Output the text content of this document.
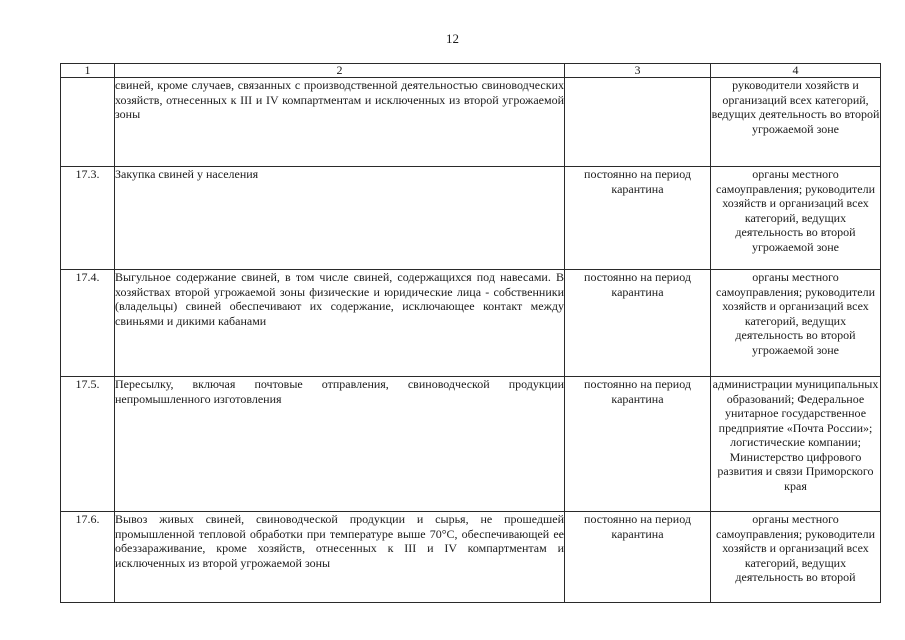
12
1	2	3	4
	свиней, кроме случаев, связанных с производственной деятельностью свиноводческих хозяйств, отнесенных к III и IV компартментам и исключенных из второй угрожаемой зоны		руководители хозяйств и организаций всех категорий, ведущих деятельность во второй угрожаемой зоне
17.3.	Закупка свиней у населения	постоянно на период карантина	органы местного самоуправления; руководители хозяйств и организаций всех категорий, ведущих деятельность во второй угрожаемой зоне
17.4.	Выгульное содержание свиней, в том числе свиней, содержащихся под навесами. В хозяйствах второй угрожаемой зоны физические и юридические лица - собственники (владельцы) свиней обеспечивают их содержание, исключающее контакт между свиньями и дикими кабанами	постоянно на период карантина	органы местного самоуправления; руководители хозяйств и организаций всех категорий, ведущих деятельность во второй угрожаемой зоне
17.5.	Пересылку, включая почтовые отправления, свиноводческой продукции непромышленного изготовления	постоянно на период карантина	администрации муниципальных образований; Федеральное унитарное государственное предприятие «Почта России»; логистические компании; Министерство цифрового развития и связи Приморского края
17.6.	Вывоз живых свиней, свиноводческой продукции и сырья, не прошедшей промышленной тепловой обработки при температуре выше 70°С, обеспечивающей ее обеззараживание, кроме хозяйств, отнесенных к III и IV компартментам и исключенных из второй угрожаемой зоны	постоянно на период карантина	органы местного самоуправления; руководители хозяйств и организаций всех категорий, ведущих деятельность во второй
